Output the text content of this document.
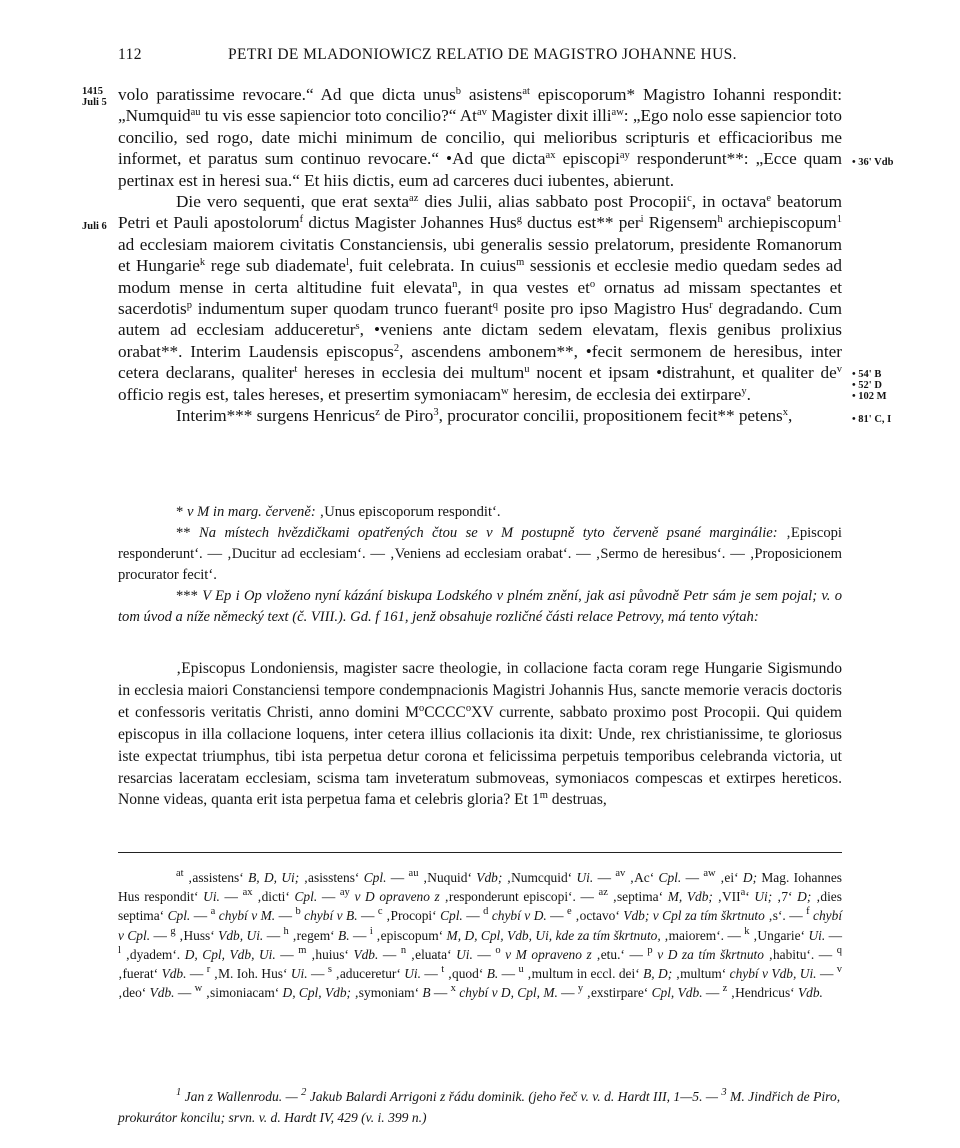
112	PETRI DE MLADONIOWICZ RELATIO DE MAGISTRO JOHANNE HUS.
1415
Juli 5
Juli 6
• 36' Vdb
• 54' B
• 52' D
• 102 M
• 81' C, I

volo paratissime revocare.“ Ad que dicta unus$^b$ asistens$^{at}$ episcoporum* Magistro Iohanni respondit: „Numquid$^{au}$ tu vis esse sapiencior toto concilio?“ $At^{av}$ Magister dixit illi$^{aw}$: „Ego nolo esse sapiencior toto concilio, sed rogo, date michi minimum de concilio, qui melioribus scripturis et efficacioribus me informet, et paratus sum continuo revocare.“ •Ad que dicta$^{ax}$ episcopi$^{ay}$ responderunt**: „Ecce quam pertinax est in heresi sua.“ Et hiis dictis, eum ad carceres duci iubentes, abierunt.

Die vero sequenti, que erat sexta$^{az}$ dies Julii, alias sabbato post Procopii$^c$, in octava$^e$ beatorum Petri et Pauli apostolorum$^f$ dictus Magister Johannes Hus$^g$ ductus est** per$^i$ Rigensem$^h$ archiepiscopum$^1$ ad ecclesiam maiorem civitatis Constanciensis, ubi generalis sessio prelatorum, presidente Romanorum et Hungarie$^k$ rege sub diademate$^l$, fuit celebrata. In cuius$^m$ sessionis et ecclesie medio quedam sedes ad modum mense in certa altitudine fuit elevata$^n$, in qua vestes $et^o$ ornatus ad missam spectantes et sacerdotis$^p$ indumentum super quodam trunco fuerant$^q$ posite pro ipso Magistro Hus$^r$ degradando. Cum autem ad ecclesiam adduceretur$^s$, •veniens ante dictam sedem elevatam, flexis genibus prolixius orabat**. Interim Laudensis episcopus$^2$, ascendens ambonem**, •fecit sermonem de heresibus, inter cetera declarans, qualiter$^t$ hereses in ecclesia dei multum$^u$ nocent et ipsam •distrahunt, et qualiter $de^v$ officio regis est, tales hereses, et presertim symoniacam$^w$ heresim, de ecclesia dei extirpare$^y$.

Interim*** surgens Henricus$^z$ de Piro$^3$, procurator concilii, propositionem fecit** petens$^x$,

* v M in marg. červeně: ‚Unus episcoporum respondit‘.

** Na místech hvězdičkami opatřených čtou se v M postupně tyto červeně psané marginálie: ‚Episcopi responderunt‘. — ‚Ducitur ad ecclesiam‘. — ‚Veniens ad ecclesiam orabat‘. — ‚Sermo de heresibus‘. — ‚Proposicionem procurator fecit‘.

*** V Ep i Op vloženo nyní kázání biskupa Lodského v plném znění, jak asi původně Petr sám je sem pojal; v. o tom úvod a níže německý text (č. VIII.). Gd. f 161, jenž obsahuje rozličné části relace Petrovy, má tento výtah:

‚Episcopus Londoniensis, magister sacre theologie, in collacione facta coram rege Hungarie Sigismundo in ecclesia maiori Constanciensi tempore condempnacionis Magistri Johannis Hus, sancte memorie veracis doctoris et confessoris veritatis Christi, anno domini $M^oCCCC^oXV$ currente, sabbato proximo post Procopii. Qui quidem episcopus in illa collacione loquens, inter cetera illius collacionis ita dixit: Unde, rex christianissime, te gloriosus iste expectat triumphus, tibi ista perpetua detur corona et felicissima perpetuis temporibus celebranda victoria, ut resarcias laceratam ecclesiam, scisma tam inveteratum submoveas, symoniacos compescas et extirpes hereticos. Nonne videas, quanta erit ista perpetua fama et celebris gloria? Et 1$^m$ destruas,

$^{at}$ ‚assistens‘ B, D, Ui; ‚asisstens‘ Cpl. — $^{au}$ ‚Nuquid‘ Vdb; ‚Numcquid‘ Ui. — $^{av}$ ‚Ac‘ Cpl. — $^{aw}$ ‚ei‘ D; Mag. Iohannes Hus respondit‘ Ui. — $^{ax}$ ‚dicti‘ Cpl. — $^{ay}$ v D opraveno z ‚responderunt episcopi‘. — $^{az}$ ‚septima‘ M, Vdb; ‚VII$^a$‘ Ui; ‚7‘ D; ‚dies septima‘ Cpl. — $^a$ chybí v M. — $^b$ chybí v B. — $^c$ ‚Procopi‘ Cpl. — $^d$ chybí v D. — $^e$ ‚octavo‘ Vdb; v Cpl za tím škrtnuto ‚s‘. — $^f$ chybí v Cpl. — $^g$ ‚Huss‘ Vdb, Ui. — $^h$ ‚regem‘ B. — $^i$ ‚episcopum‘ M, D, Cpl, Vdb, Ui, kde za tím škrtnuto, ‚maiorem‘. — $^k$ ‚Ungarie‘ Ui. — $^l$ ‚dyadem‘. D, Cpl, Vdb, Ui. — $^m$ ‚huius‘ Vdb. — $^n$ ‚eluata‘ Ui. — $^o$ v M opraveno z ‚etu.‘ — $^p$ v D za tím škrtnuto ‚habitu‘. — $^q$ ‚fuerat‘ Vdb. — $^r$ ‚M. Ioh. Hus‘ Ui. — $^s$ ‚aduceretur‘ Ui. — $^t$ ‚quod‘ B. — $^u$ ‚multum in eccl. dei‘ B, D; ‚multum‘ chybí v Vdb, Ui. — $^v$ ‚deo‘ Vdb. — $^w$ ‚simoniacam‘ D, Cpl, Vdb; ‚symoniam‘ B — $^x$ chybí v D, Cpl, M. — $^y$ ‚exstirpare‘ Cpl, Vdb. — $^z$ ‚Hendricus‘ Vdb.

$^1$ Jan z Wallenrodu. — $^2$ Jakub Balardi Arrigoni z řádu dominik. (jeho řeč v. v. d. Hardt III, 1—5. — $^3$ M. Jindřich de Piro, prokurátor koncilu; srvn. v. d. Hardt IV, 429 (v. i. 399 n.)
